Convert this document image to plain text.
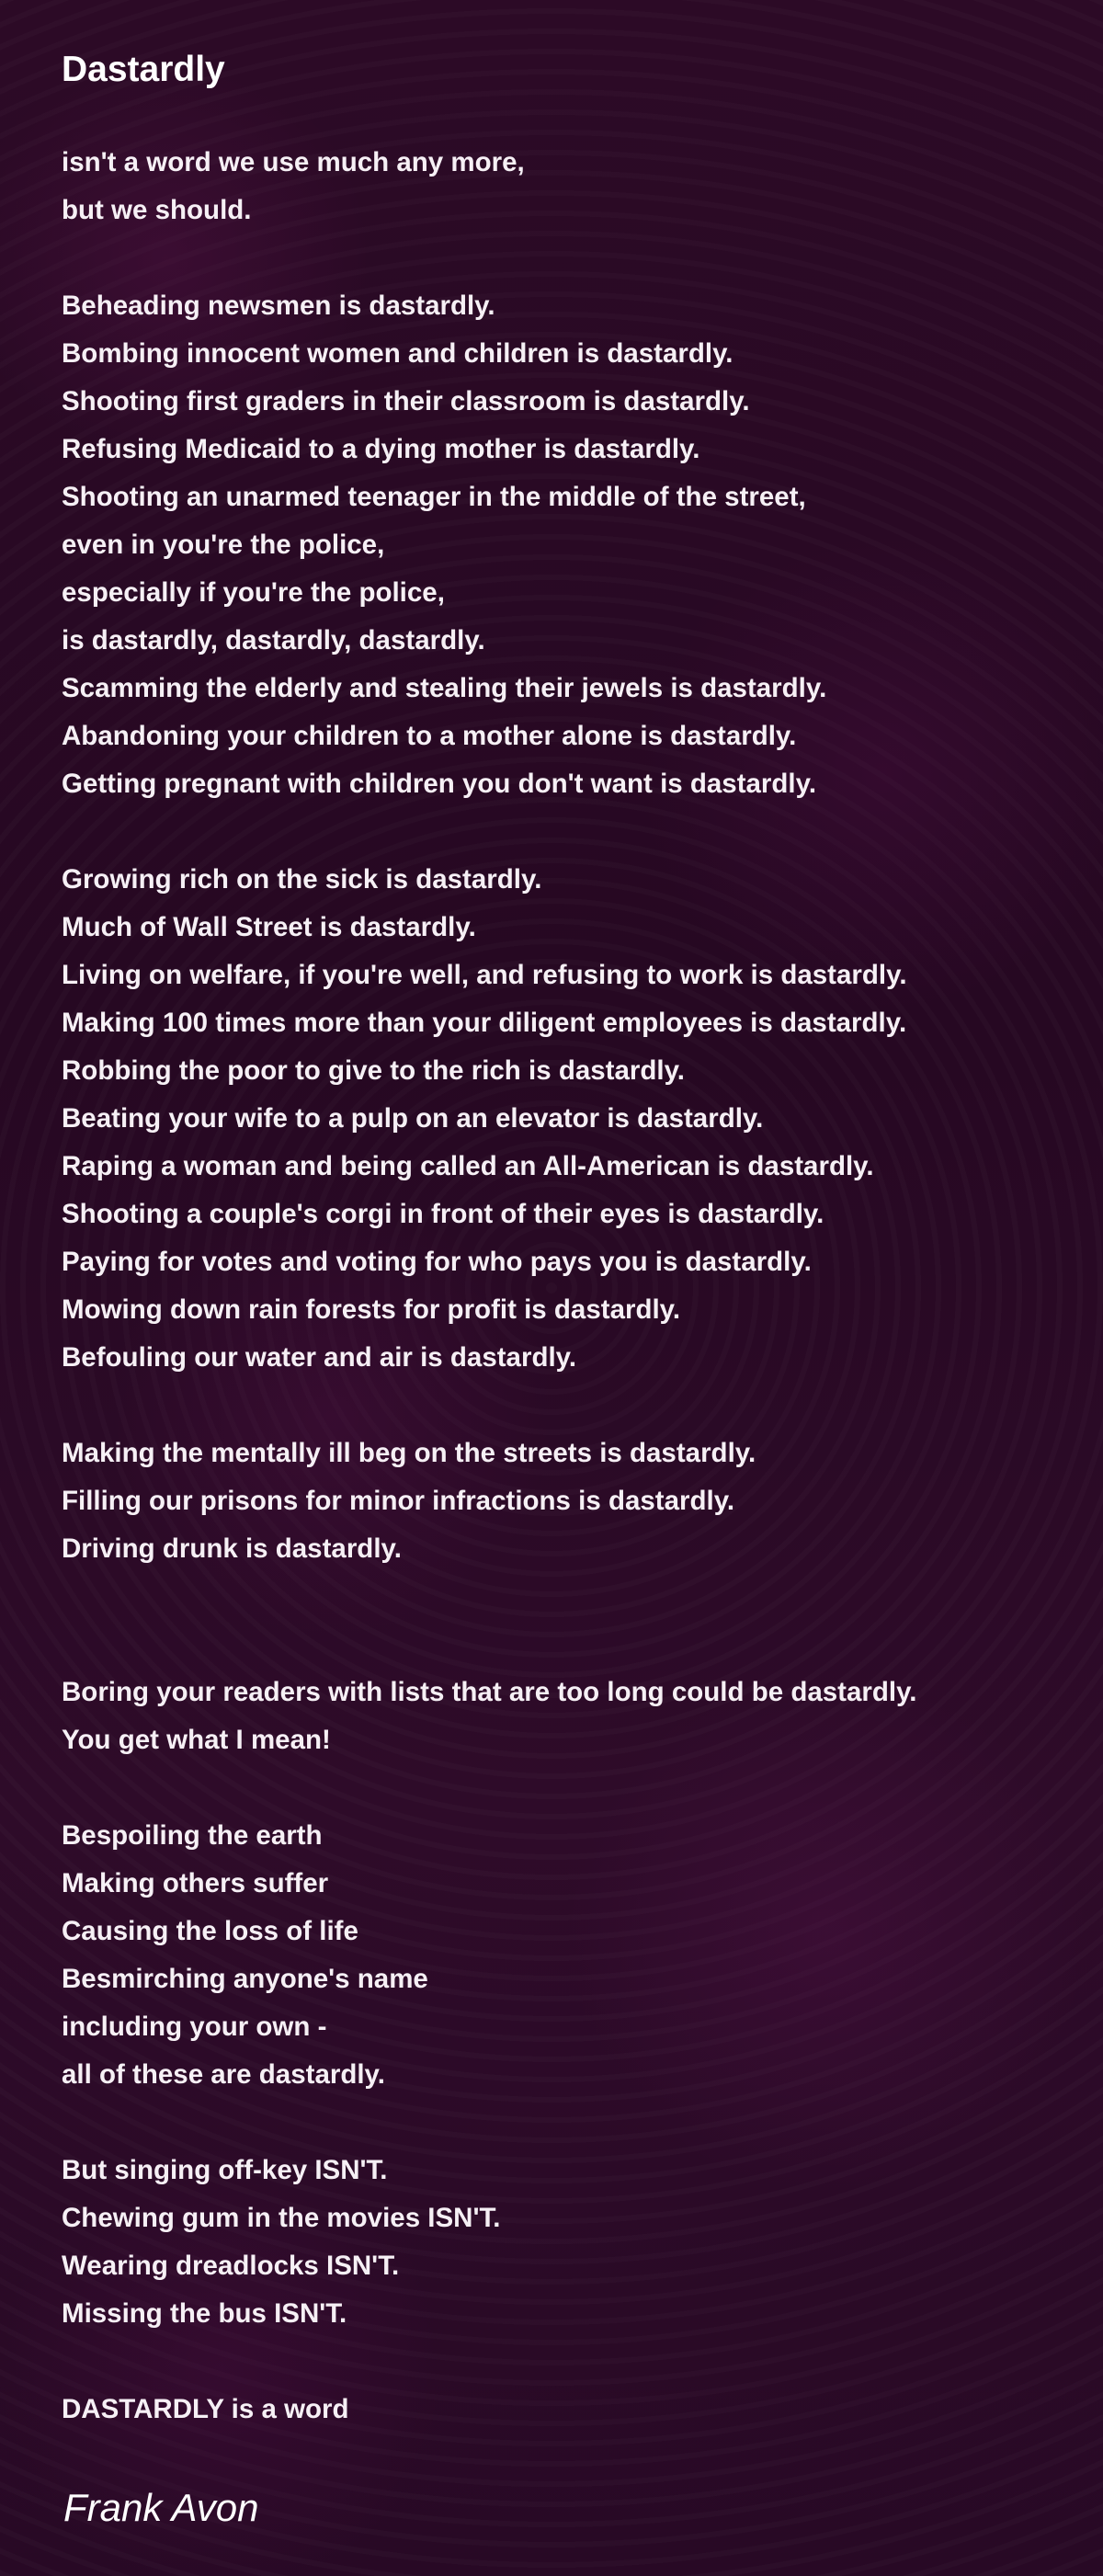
Dastardly
isn't a word we use much any more,
but we should.
Beheading newsmen is dastardly.
Bombing innocent women and children is dastardly.
Shooting first graders in their classroom is dastardly.
Refusing Medicaid to a dying mother is dastardly.
Shooting an unarmed teenager in the middle of the street,
even in you're the police,
especially if you're the police,
is dastardly, dastardly, dastardly.
Scamming the elderly and stealing their jewels is dastardly.
Abandoning your children to a mother alone is dastardly.
Getting pregnant with children you don't want is dastardly.
Growing rich on the sick is dastardly.
Much of Wall Street is dastardly.
Living on welfare, if you're well, and refusing to work is dastardly.
Making 100 times more than your diligent employees is dastardly.
Robbing the poor to give to the rich is dastardly.
Beating your wife to a pulp on an elevator is dastardly.
Raping a woman and being called an All-American is dastardly.
Shooting a couple's corgi in front of their eyes is dastardly.
Paying for votes and voting for who pays you is dastardly.
Mowing down rain forests for profit is dastardly.
Befouling our water and air is dastardly.
Making the mentally ill beg on the streets is dastardly.
Filling our prisons for minor infractions is dastardly.
Driving drunk is dastardly.
Boring your readers with lists that are too long could be dastardly.
You get what I mean!
Bespoiling the earth
Making others suffer
Causing the loss of life
Besmirching anyone's name
including your own -
all of these are dastardly.
But singing off-key ISN'T.
Chewing gum in the movies ISN'T.
Wearing dreadlocks ISN'T.
Missing the bus ISN'T.
DASTARDLY is a word
Frank Avon
